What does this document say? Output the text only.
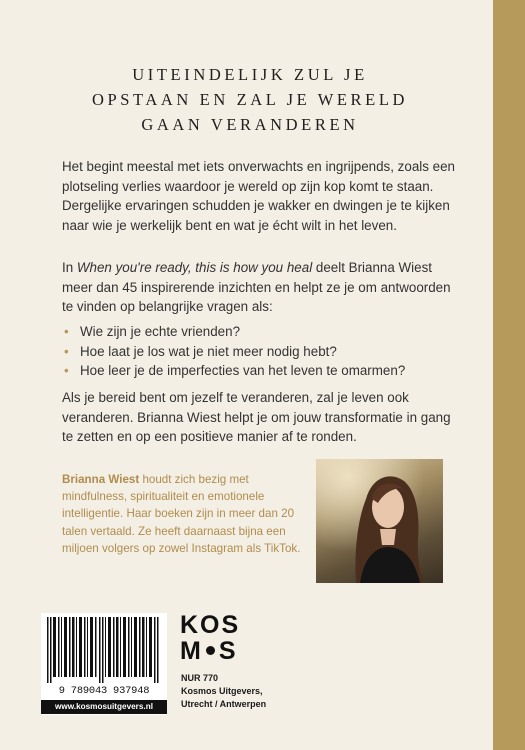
UITEINDELIJK ZUL JE
OPSTAAN EN ZAL JE WERELD
GAAN VERANDEREN
Het begint meestal met iets onverwachts en ingrijpends, zoals een plotseling verlies waardoor je wereld op zijn kop komt te staan. Dergelijke ervaringen schudden je wakker en dwingen je te kijken naar wie je werkelijk bent en wat je écht wilt in het leven.
In When you're ready, this is how you heal deelt Brianna Wiest meer dan 45 inspirerende inzichten en helpt ze je om antwoorden te vinden op belangrijke vragen als:
• Wie zijn je echte vrienden?
• Hoe laat je los wat je niet meer nodig hebt?
• Hoe leer je de imperfecties van het leven te omarmen?
Als je bereid bent om jezelf te veranderen, zal je leven ook veranderen. Brianna Wiest helpt je om jouw transformatie in gang te zetten en op een positieve manier af te ronden.
Brianna Wiest houdt zich bezig met mindfulness, spiritualiteit en emotionele intelligentie. Haar boeken zijn in meer dan 20 talen vertaald. Ze heeft daarnaast bijna een miljoen volgers op zowel Instagram als TikTok.
9 789043 937948
www.kosmosuitgevers.nl
KOS
M S
NUR 770
Kosmos Uitgevers,
Utrecht / Antwerpen
